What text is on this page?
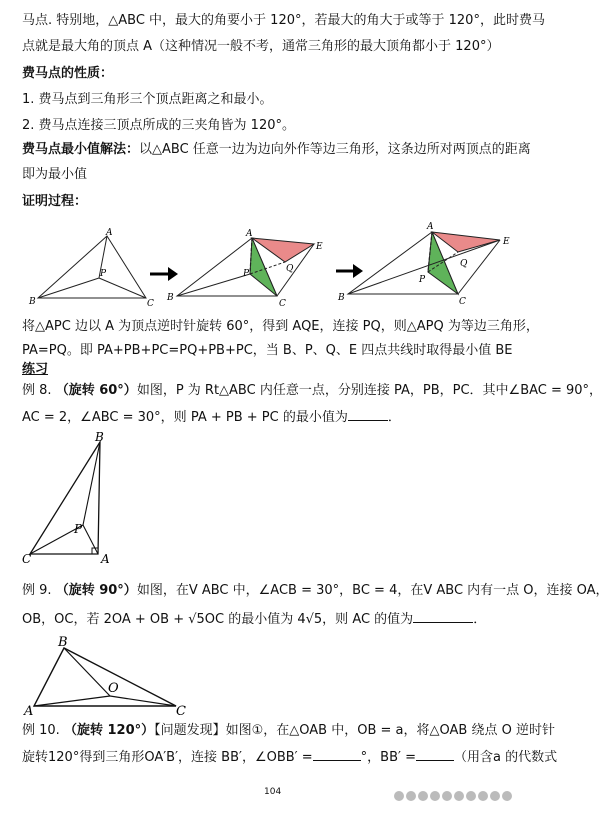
马点. 特别地，△ABC 中，最大的角要小于 120°，若最大的角大于或等于 120°，此时费马
点就是最大角的顶点 A（这种情况一般不考，通常三角形的最大顶角都小于 120°）
费马点的性质：
1. 费马点到三角形三个顶点距离之和最小。
2. 费马点连接三顶点所成的三夹角皆为 120°。
费马点最小值解法：以△ABC 任意一边为边向外作等边三角形，这条边所对两顶点的距离
即为最小值
证明过程：
A
B	C
P
A
B
C
P	Q
E
A
B	C
P
Q
E
将△APC 边以 A 为顶点逆时针旋转 60°，得到 AQE，连接 PQ，则△APQ 为等边三角形，
PA=PQ。即 PA+PB+PC=PQ+PB+PC，当 B、P、Q、E 四点共线时取得最小值 BE
练习
例 8. （旋转 60°）如图，P 为 Rt△ABC 内任意一点，分别连接 PA，PB，PC．其中∠BAC = 90°，
AC = 2，∠ABC = 30°，则 PA + PB + PC 的最小值为	．
B
C	A
P
例 9. （旋转 90°）如图，在V ABC 中，∠ACB = 30°，BC = 4，在V ABC 内有一点 O，连接 OA，
OB，OC，若 2OA + OB + √5OC 的最小值为 4√5，则 AC 的值为	．
B
A	C
O
例 10. （旋转 120°）【问题发现】如图①，在△OAB 中，OB = a，将△OAB 绕点 O 逆时针
旋转120°得到三角形OA′B′，连接 BB′，∠OBB′ =	°，BB′ =	（用含a 的代数式
104
